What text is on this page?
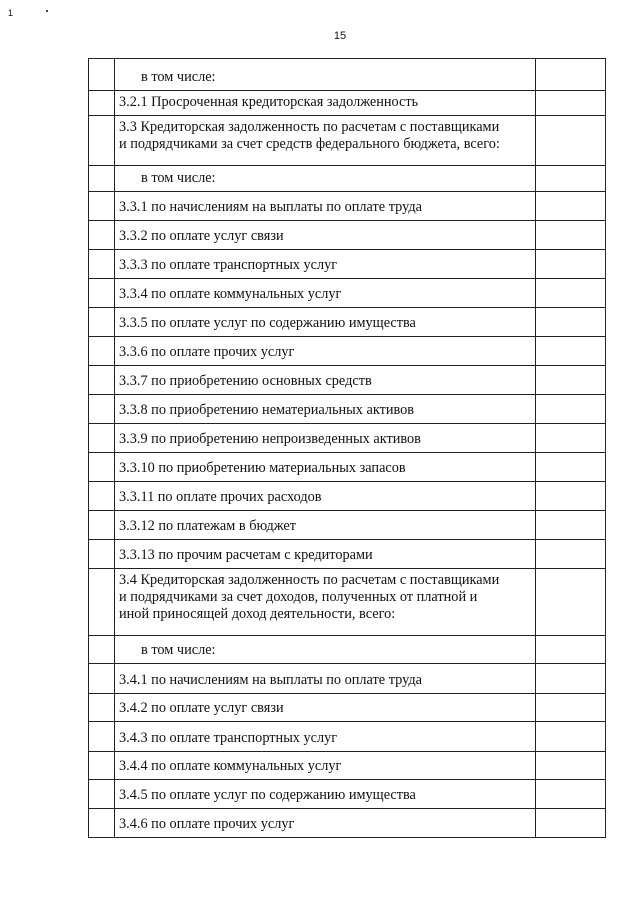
1
15
	в том числе:	
	3.2.1 Просроченная кредиторская задолженность	
	3.3 Кредиторская задолженность по расчетам с поставщиками
и подрядчиками за счет средств федерального бюджета, всего:	
	в том числе:	
	3.3.1 по начислениям на выплаты по оплате труда	
	3.3.2 по оплате услуг связи	
	3.3.3 по оплате транспортных услуг	
	3.3.4 по оплате коммунальных услуг	
	3.3.5 по оплате услуг по содержанию имущества	
	3.3.6 по оплате прочих услуг	
	3.3.7 по приобретению основных средств	
	3.3.8 по приобретению нематериальных активов	
	3.3.9 по приобретению непроизведенных активов	
	3.3.10 по приобретению материальных запасов	
	3.3.11 по оплате прочих расходов	
	3.3.12 по платежам в бюджет	
	3.3.13 по прочим расчетам с кредиторами	
	3.4 Кредиторская задолженность по расчетам с поставщиками
и подрядчиками за счет доходов, полученных от платной и
иной приносящей доход деятельности, всего:	
	в том числе:	
	3.4.1 по начислениям на выплаты по оплате труда	
	3.4.2 по оплате услуг связи	
	3.4.3 по оплате транспортных услуг	
	3.4.4 по оплате коммунальных услуг	
	3.4.5 по оплате услуг по содержанию имущества	
	3.4.6 по оплате прочих услуг	
